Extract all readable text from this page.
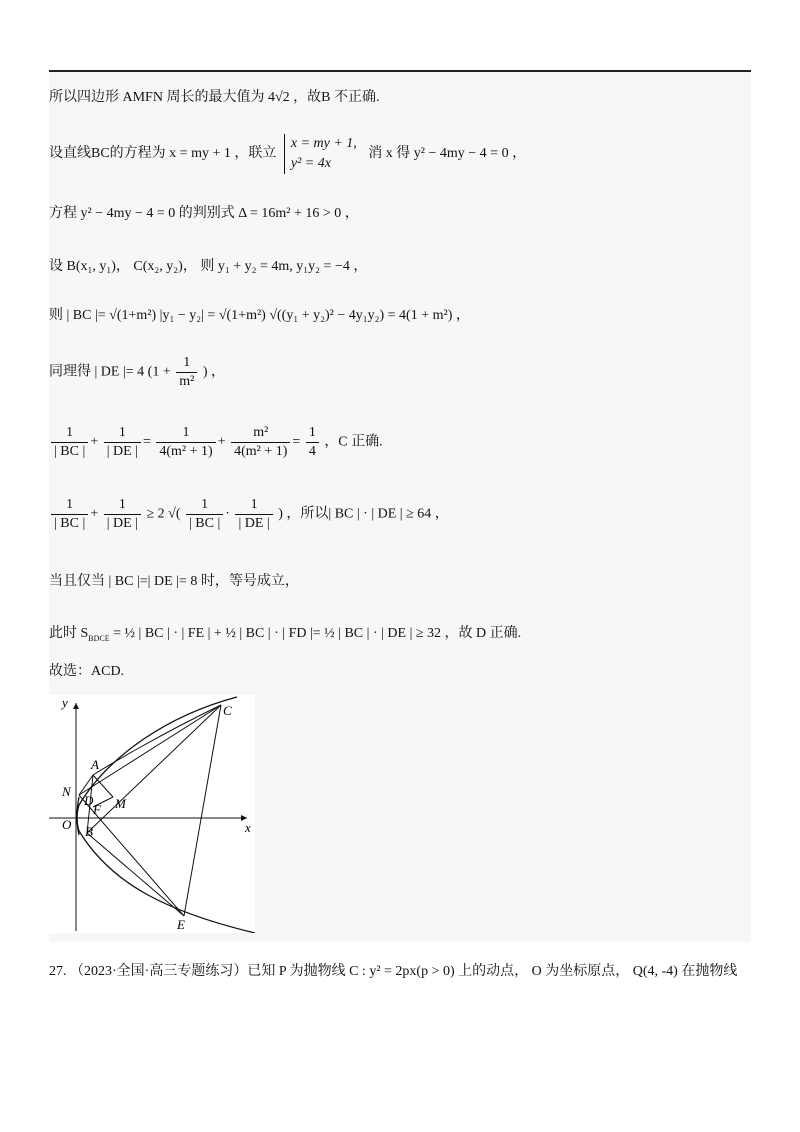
所以四边形 AMFN 周长的最大值为 4√2 ，故B 不正确.
设直线BC的方程为 x = my + 1 ，联立
x = my + 1,
y² = 4x
消 x 得 y² − 4my − 4 = 0 ，
方程 y² − 4my − 4 = 0 的判别式 Δ = 16m² + 16 > 0 ，
设 B(x₁, y₁)， C(x₂, y₂)， 则 y₁ + y₂ = 4m, y₁y₂ = −4 ，
则 | BC |= √(1+m²) |y₁ − y₂| = √(1+m²) √((y₁ + y₂)² − 4y₁y₂) = 4(1 + m²) ，
同理得 | DE |= 4 ($1 + \frac{1}{\text{m²}}$ ) ，
$\frac{1}{| BC |} + \frac{1}{| DE |} = \frac{1}{\text{4(m² + 1)}} + \frac{\text{m²}}{\text{4(m² + 1)}} = \frac{1}{4}$ ，C 正确.
$\frac{1}{| BC |} + \frac{1}{| DE |} \ge 2$ √( $\frac{1}{| BC |} \cdot \frac{1}{| DE |}$ ) ，所以| BC | · | DE | ≥ 64 ，
当且仅当 | BC |=| DE |= 8 时，等号成立，
此时 $S_{BDCE}$ = ½ | BC | · | FE | + ½ | BC | · | FD |= ½ | BC | · | DE | ≥ 32 ，故 D 正确.
故选：ACD.
y
x
C
A
N
D
F M
O B
E
27. （2023·全国·高三专题练习）已知 P 为抛物线 C : y² = 2px(p > 0) 上的动点， O 为坐标原点， Q(4, -4) 在抛物线
